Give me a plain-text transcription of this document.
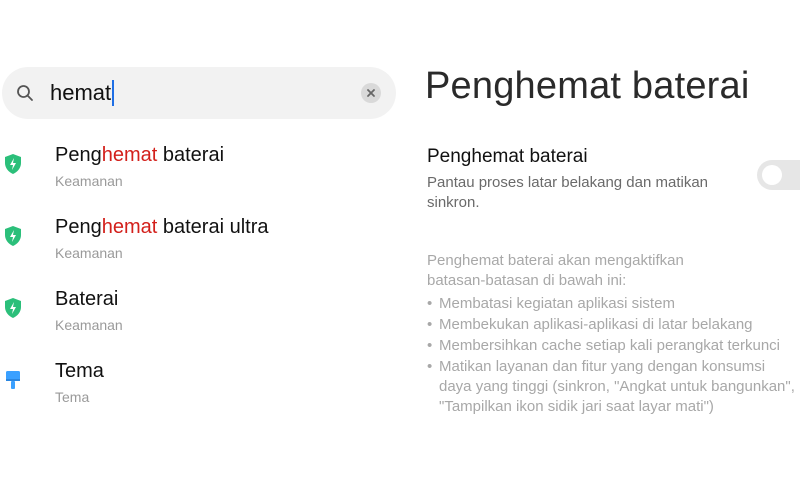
hemat
Penghemat baterai
Keamanan
Penghemat baterai ultra
Keamanan
Baterai
Keamanan
Tema
Tema
Penghemat baterai
Penghemat baterai
Pantau proses latar belakang dan matikan sinkron.
Penghemat baterai akan mengaktifkan batasan-batasan di bawah ini:
• Membatasi kegiatan aplikasi sistem
• Membekukan aplikasi-aplikasi di latar belakang
• Membersihkan cache setiap kali perangkat terkunci
• Matikan layanan dan fitur yang dengan konsumsi
daya yang tinggi (sinkron, "Angkat untuk bangunkan",
"Tampilkan ikon sidik jari saat layar mati")
